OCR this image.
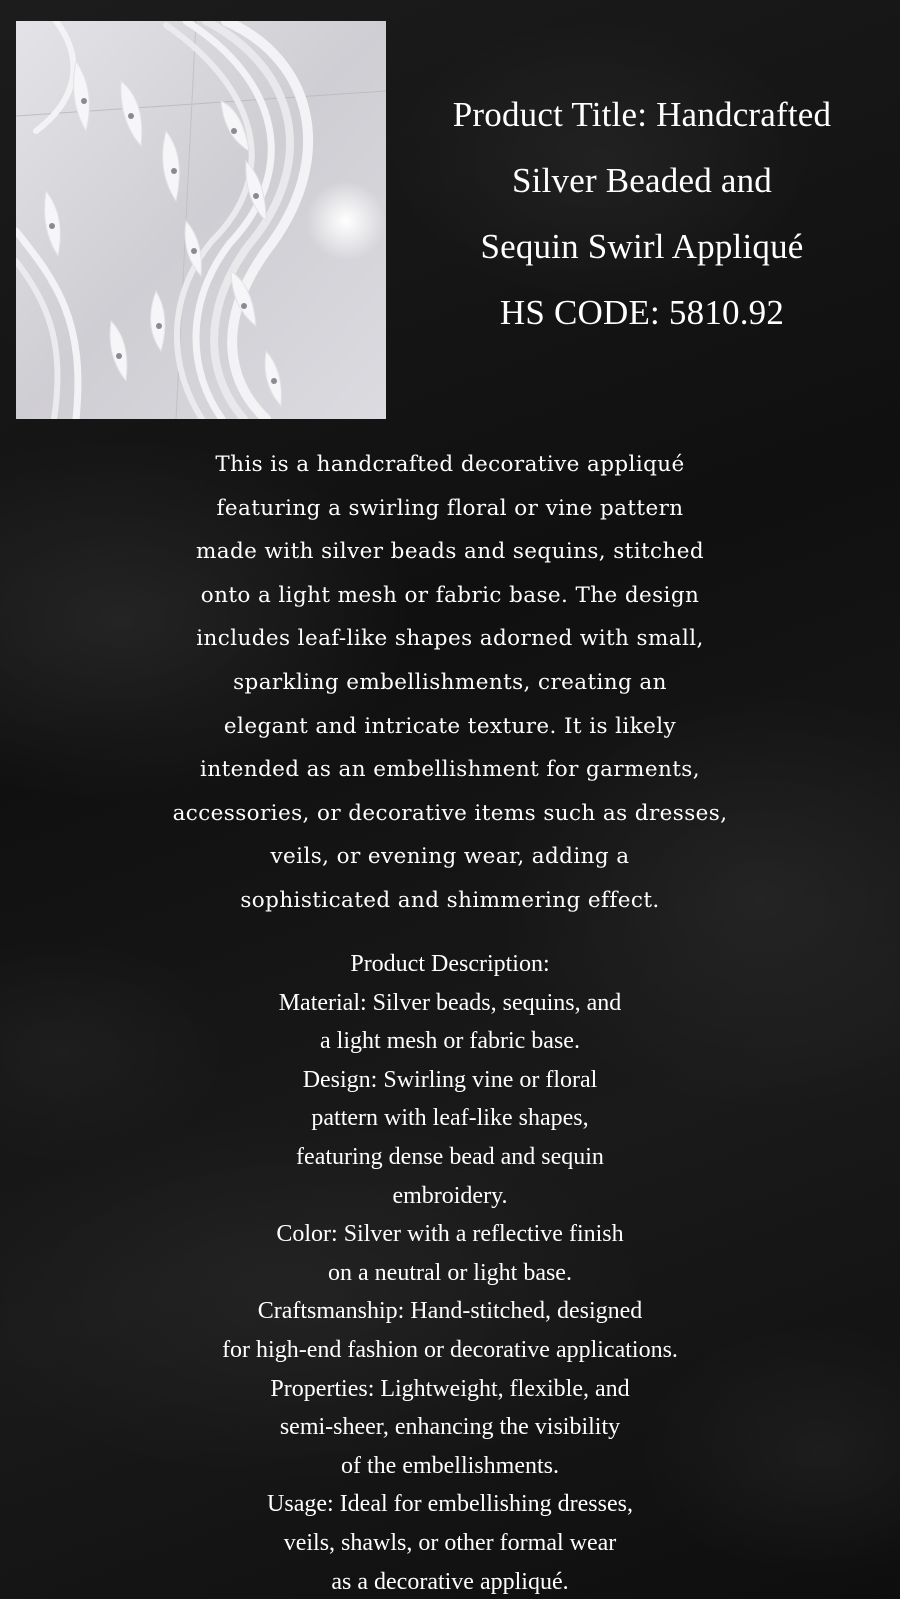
Product Title: Handcrafted
Silver Beaded and
Sequin Swirl Appliqué
HS CODE: 5810.92
This is a handcrafted decorative appliqué
featuring a swirling floral or vine pattern
made with silver beads and sequins, stitched
onto a light mesh or fabric base. The design
includes leaf-like shapes adorned with small,
sparkling embellishments, creating an
elegant and intricate texture. It is likely
intended as an embellishment for garments,
accessories, or decorative items such as dresses,
veils, or evening wear, adding a
sophisticated and shimmering effect.
Product Description:
Material: Silver beads, sequins, and
a light mesh or fabric base.
Design: Swirling vine or floral
pattern with leaf-like shapes,
featuring dense bead and sequin
embroidery.
Color: Silver with a reflective finish
on a neutral or light base.
Craftsmanship: Hand-stitched, designed
for high-end fashion or decorative applications.
Properties: Lightweight, flexible, and
semi-sheer, enhancing the visibility
of the embellishments.
Usage: Ideal for embellishing dresses,
veils, shawls, or other formal wear
as a decorative appliqué.
